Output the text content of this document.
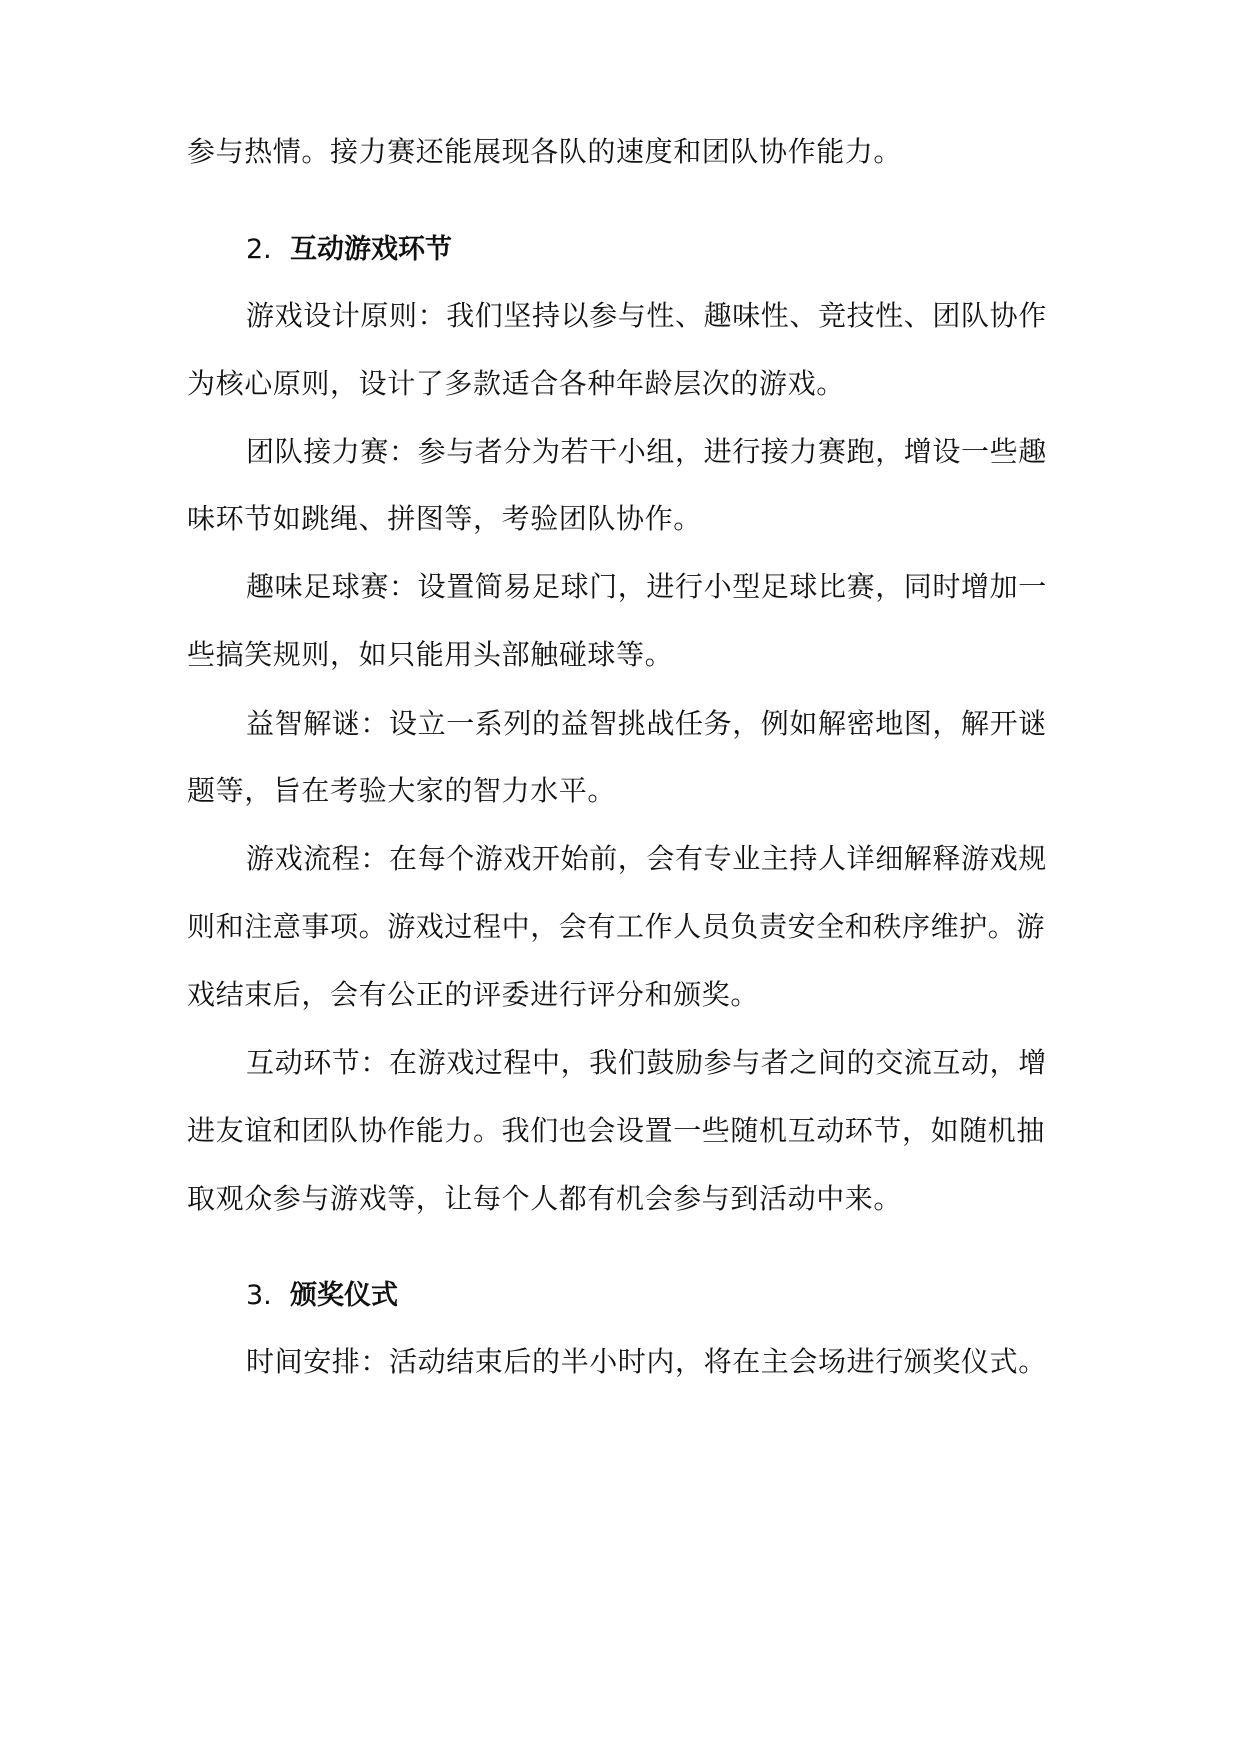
参与热情。接力赛还能展现各队的速度和团队协作能力。
2. 互动游戏环节
游戏设计原则：我们坚持以参与性、趣味性、竞技性、团队协作
为核心原则，设计了多款适合各种年龄层次的游戏。
团队接力赛：参与者分为若干小组，进行接力赛跑，增设一些趣
味环节如跳绳、拼图等，考验团队协作。
趣味足球赛：设置简易足球门，进行小型足球比赛，同时增加一
些搞笑规则，如只能用头部触碰球等。
益智解谜：设立一系列的益智挑战任务，例如解密地图，解开谜
题等，旨在考验大家的智力水平。
游戏流程：在每个游戏开始前，会有专业主持人详细解释游戏规
则和注意事项。游戏过程中，会有工作人员负责安全和秩序维护。游
戏结束后，会有公正的评委进行评分和颁奖。
互动环节：在游戏过程中，我们鼓励参与者之间的交流互动，增
进友谊和团队协作能力。我们也会设置一些随机互动环节，如随机抽
取观众参与游戏等，让每个人都有机会参与到活动中来。
3. 颁奖仪式
时间安排：活动结束后的半小时内，将在主会场进行颁奖仪式。
